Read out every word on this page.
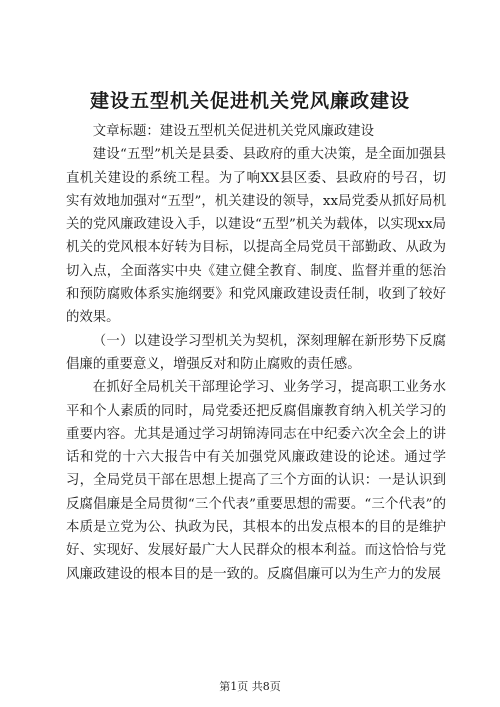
建设五型机关促进机关党风廉政建设

文章标题：建设五型机关促进机关党风廉政建设

建设“五型”机关是县委、县政府的重大决策，是全面加强县直机关建设的系统工程。为了响XX县区委、县政府的号召，切实有效地加强对“五型”，机关建设的领导，xx局党委从抓好局机关的党风廉政建设入手，以建设“五型”机关为载体，以实现xx局机关的党风根本好转为目标，以提高全局党员干部勤政、从政为切入点，全面落实中央《建立健全教育、制度、监督并重的惩治和预防腐败体系实施纲要》和党风廉政建设责任制，收到了较好的效果。

（一）以建设学习型机关为契机，深刻理解在新形势下反腐倡廉的重要意义，增强反对和防止腐败的责任感。

在抓好全局机关干部理论学习、业务学习，提高职工业务水平和个人素质的同时，局党委还把反腐倡廉教育纳入机关学习的重要内容。尤其是通过学习胡锦涛同志在中纪委六次全会上的讲话和党的十六大报告中有关加强党风廉政建设的论述。通过学习，全局党员干部在思想上提高了三个方面的认识：一是认识到反腐倡廉是全局贯彻“三个代表”重要思想的需要。“三个代表”的本质是立党为公、执政为民，其根本的出发点根本的目的是维护好、实现好、发展好最广大人民群众的根本利益。而这恰恰与党风廉政建设的根本目的是一致的。反腐倡廉可以为生产力的发展

第1页 共8页
